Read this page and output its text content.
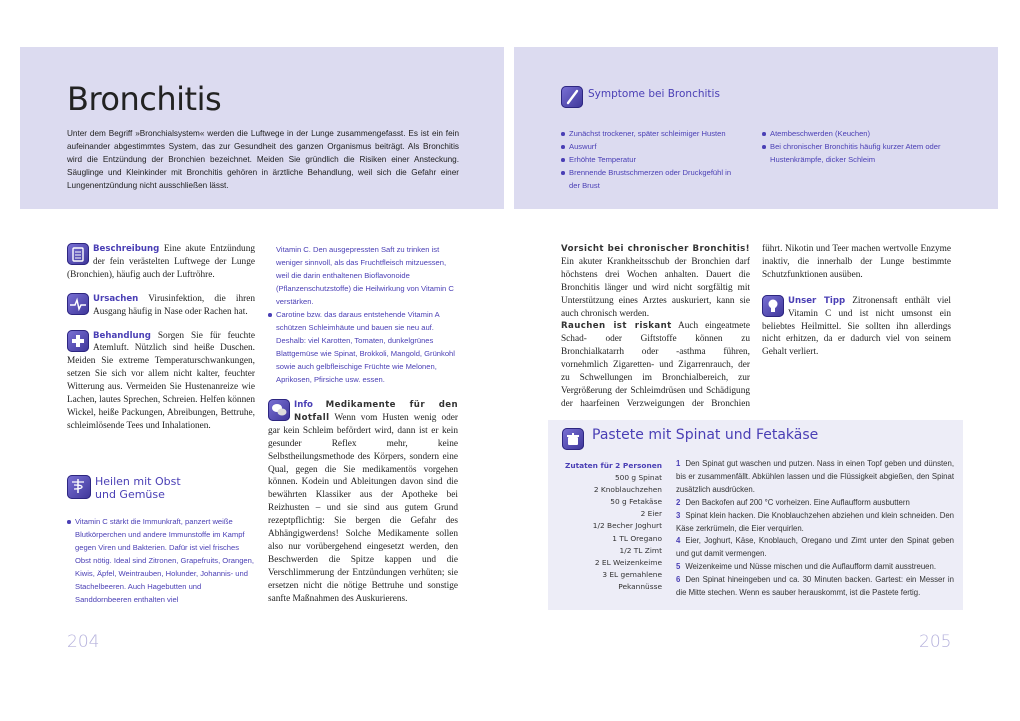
Bronchitis
Unter dem Begriff »Bronchialsystem« werden die Luftwege in der Lunge zusammengefasst. Es ist ein fein aufeinander abgestimmtes System, das zur Gesundheit des ganzen Organismus beiträgt. Als Bronchitis wird die Entzündung der Bronchien bezeichnet. Meiden Sie gründlich die Risiken einer Ansteckung. Säuglinge und Kleinkinder mit Bronchitis gehören in ärztliche Behandlung, weil sich die Gefahr einer Lungenentzündung nicht ausschließen lässt.
Beschreibung Eine akute Entzündung der fein verästelten Luftwege der Lunge (Bronchien), häufig auch der Luftröhre.
Ursachen Virusinfektion, die ihren Ausgang häufig in Nase oder Rachen hat.
Behandlung Sorgen Sie für feuchte Atemluft. Nützlich sind heiße Duschen. Meiden Sie extreme Temperaturschwankungen, setzen Sie sich vor allem nicht kalter, feuchter Witterung aus. Vermeiden Sie Hustenanreize wie Lachen, lautes Sprechen, Schreien. Helfen können Wickel, heiße Packungen, Abreibungen, Bettruhe, schleimlösende Tees und Inhalationen.
Heilen mit Obst
und Gemüse
Vitamin C stärkt die Immunkraft, panzert weiße Blutkörperchen und andere Immunstoffe im Kampf gegen Viren und Bakterien. Dafür ist viel frisches Obst nötig. Ideal sind Zitronen, Grapefruits, Orangen, Kiwis, Äpfel, Weintrauben, Holunder, Johannis- und Stachelbeeren. Auch Hagebutten und Sanddornbeeren enthalten viel
Vitamin C. Den ausgepressten Saft zu trinken ist weniger sinnvoll, als das Fruchtfleisch mitzuessen, weil die darin enthaltenen Bioflavonoide (Pflanzenschutzstoffe) die Heilwirkung von Vitamin C verstärken.
Carotine bzw. das daraus entstehende Vitamin A schützen Schleimhäute und bauen sie neu auf. Deshalb: viel Karotten, Tomaten, dunkelgrünes Blattgemüse wie Spinat, Brokkoli, Mangold, Grünkohl sowie auch gelbfleischige Früchte wie Melonen, Aprikosen, Pfirsiche usw. essen.
Info Medikamente für den Notfall Wenn vom Husten wenig oder gar kein Schleim befördert wird, dann ist er kein gesunder Reflex mehr, keine Selbstheilungsmethode des Körpers, sondern eine Qual, gegen die Sie medikamentös vorgehen können. Kodein und Ableitungen davon sind die bewährten Klassiker aus der Apotheke bei Reizhusten – und sie sind aus gutem Grund rezeptpflichtig: Sie bergen die Gefahr des Abhängigwerdens! Solche Medikamente sollen also nur vorübergehend eingesetzt werden, den Beschwerden die Spitze kappen und die Verschlimmerung der Entzündungen verhüten; sie ersetzen nicht die nötige Bettruhe und sonstige sanfte Maßnahmen des Auskurierens.
204
Symptome bei Bronchitis
Zunächst trockener, später schleimiger Husten
Auswurf
Erhöhte Temperatur
Brennende Brustschmerzen oder Druckgefühl in der Brust
Atembeschwerden (Keuchen)
Bei chronischer Bronchitis häufig kurzer Atem oder Hustenkrämpfe, dicker Schleim
Vorsicht bei chronischer Bronchitis! Ein akuter Krankheitsschub der Bronchien darf höchstens drei Wochen anhalten. Dauert die Bronchitis länger und wird nicht sorgfältig mit Unterstützung eines Arztes auskuriert, kann sie auch chronisch werden.
Rauchen ist riskant Auch eingeatmete Schad- oder Giftstoffe können zu Bronchialkatarrh oder -asthma führen, vornehmlich Zigaretten- und Zigarrenrauch, der zu Schwellungen im Bronchialbereich, zur Vergrößerung der Schleimdrüsen und Schädigung der haarfeinen Verzweigungen der Bronchien führt. Nikotin und Teer machen wertvolle Enzyme inaktiv, die innerhalb der Lunge bestimmte Schutzfunktionen ausüben.
Unser Tipp Zitronensaft enthält viel Vitamin C und ist nicht umsonst ein beliebtes Heilmittel. Sie sollten ihn allerdings nicht erhitzen, da er dadurch viel von seinem Gehalt verliert.
Pastete mit Spinat und Fetakäse
Zutaten für 2 Personen
500 g Spinat
2 Knoblauchzehen
50 g Fetakäse
2 Eier
1/2 Becher Joghurt
1 TL Oregano
1/2 TL Zimt
2 EL Weizenkeime
3 EL gemahlene Pekannüsse
1 Den Spinat gut waschen und putzen. Nass in einen Topf geben und dünsten, bis er zusammenfällt. Abkühlen lassen und die Flüssigkeit abgießen, den Spinat zusätzlich ausdrücken.
2 Den Backofen auf 200 °C vorheizen. Eine Auflaufform ausbuttern
3 Spinat klein hacken. Die Knoblauchzehen abziehen und klein schneiden. Den Käse zerkrümeln, die Eier verquirlen.
4 Eier, Joghurt, Käse, Knoblauch, Oregano und Zimt unter den Spinat geben und gut damit vermengen.
5 Weizenkeime und Nüsse mischen und die Auflaufform damit ausstreuen.
6 Den Spinat hineingeben und ca. 30 Minuten backen. Gartest: ein Messer in die Mitte stechen. Wenn es sauber herauskommt, ist die Pastete fertig.
205
